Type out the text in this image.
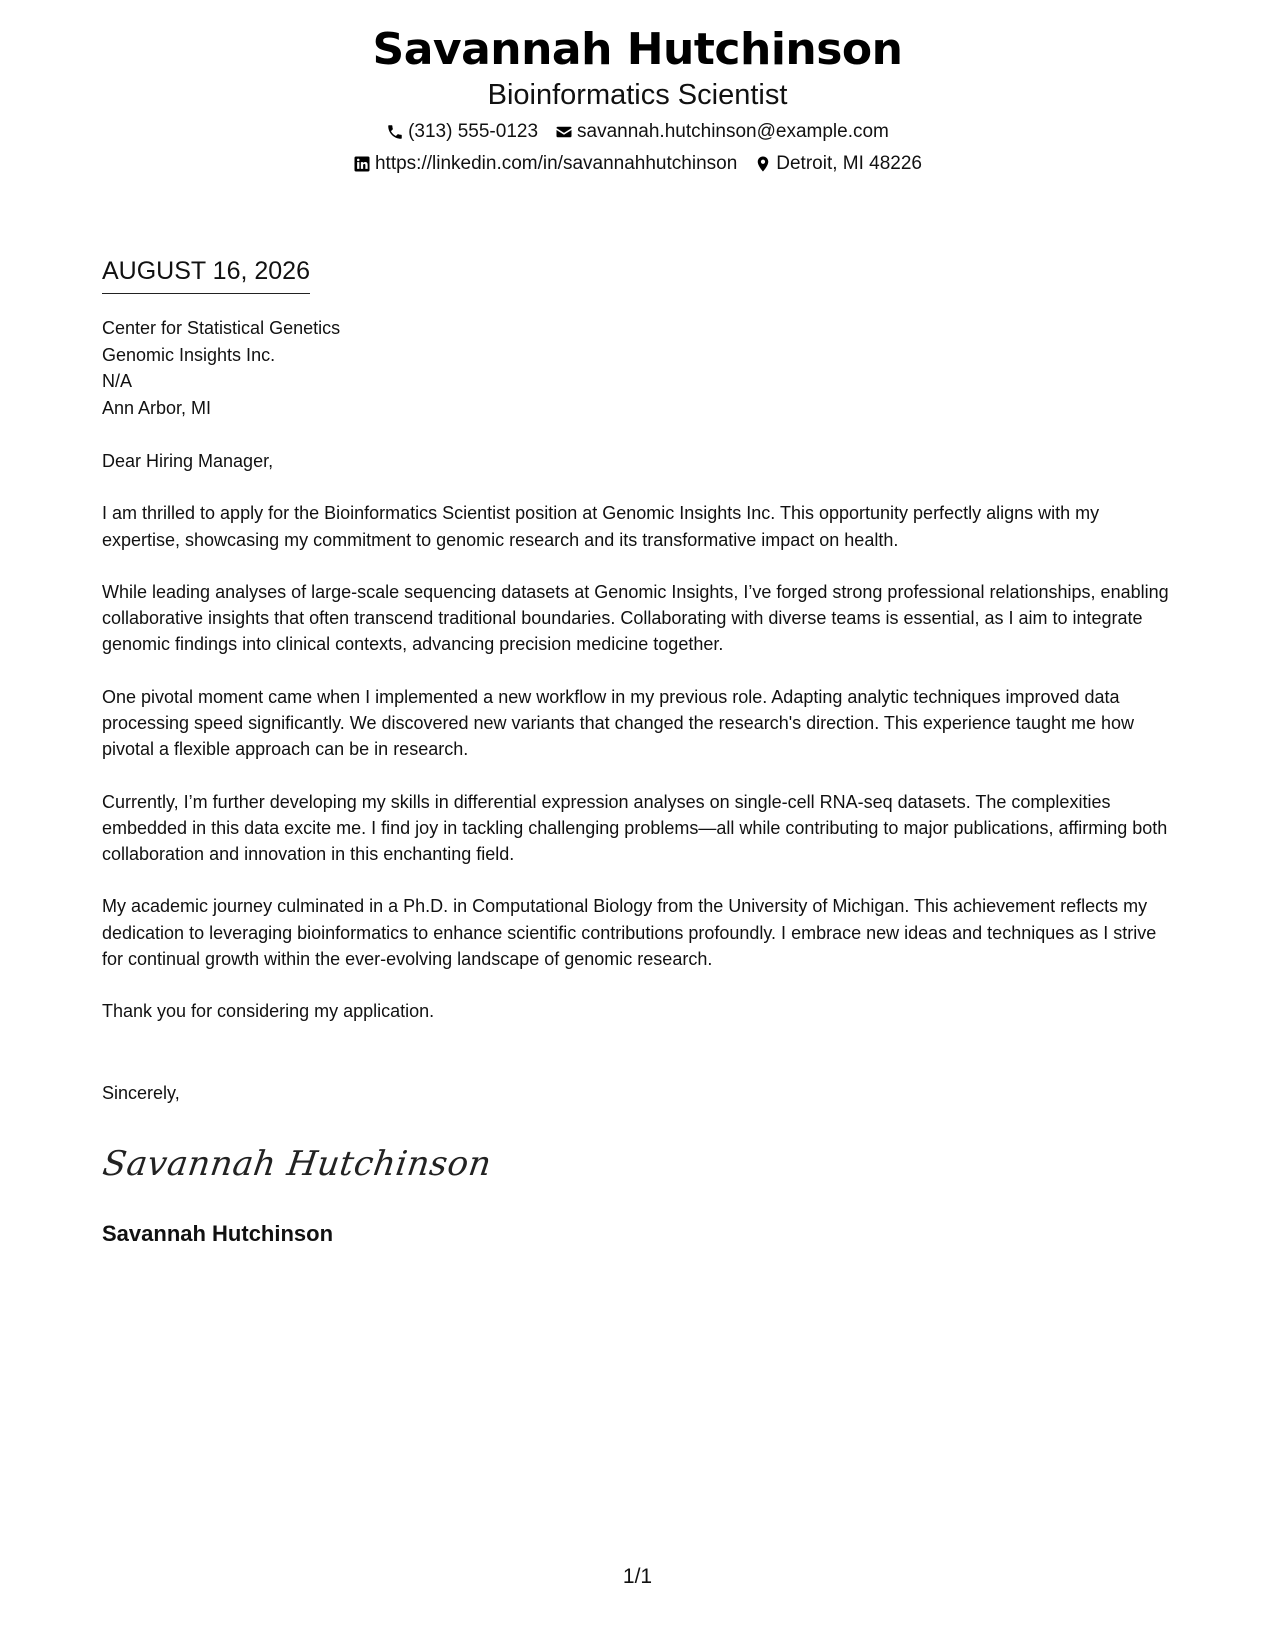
Savannah Hutchinson
Bioinformatics Scientist
(313) 555-0123 savannah.hutchinson@example.com
https://linkedin.com/in/savannahhutchinson Detroit, MI 48226
AUGUST 16, 2026
Center for Statistical Genetics
Genomic Insights Inc.
N/A
Ann Arbor, MI

Dear Hiring Manager,

I am thrilled to apply for the Bioinformatics Scientist position at Genomic Insights Inc. This opportunity perfectly aligns with my expertise, showcasing my commitment to genomic research and its transformative impact on health.

While leading analyses of large-scale sequencing datasets at Genomic Insights, I’ve forged strong professional relationships, enabling collaborative insights that often transcend traditional boundaries. Collaborating with diverse teams is essential, as I aim to integrate genomic findings into clinical contexts, advancing precision medicine together.

One pivotal moment came when I implemented a new workflow in my previous role. Adapting analytic techniques improved data processing speed significantly. We discovered new variants that changed the research's direction. This experience taught me how pivotal a flexible approach can be in research.

Currently, I’m further developing my skills in differential expression analyses on single-cell RNA-seq datasets. The complexities embedded in this data excite me. I find joy in tackling challenging problems—all while contributing to major publications, affirming both collaboration and innovation in this enchanting field.

My academic journey culminated in a Ph.D. in Computational Biology from the University of Michigan. This achievement reflects my dedication to leveraging bioinformatics to enhance scientific contributions profoundly. I embrace new ideas and techniques as I strive for continual growth within the ever-evolving landscape of genomic research.

Thank you for considering my application.

Sincerely,
Savannah Hutchinson
Savannah Hutchinson
1/1
